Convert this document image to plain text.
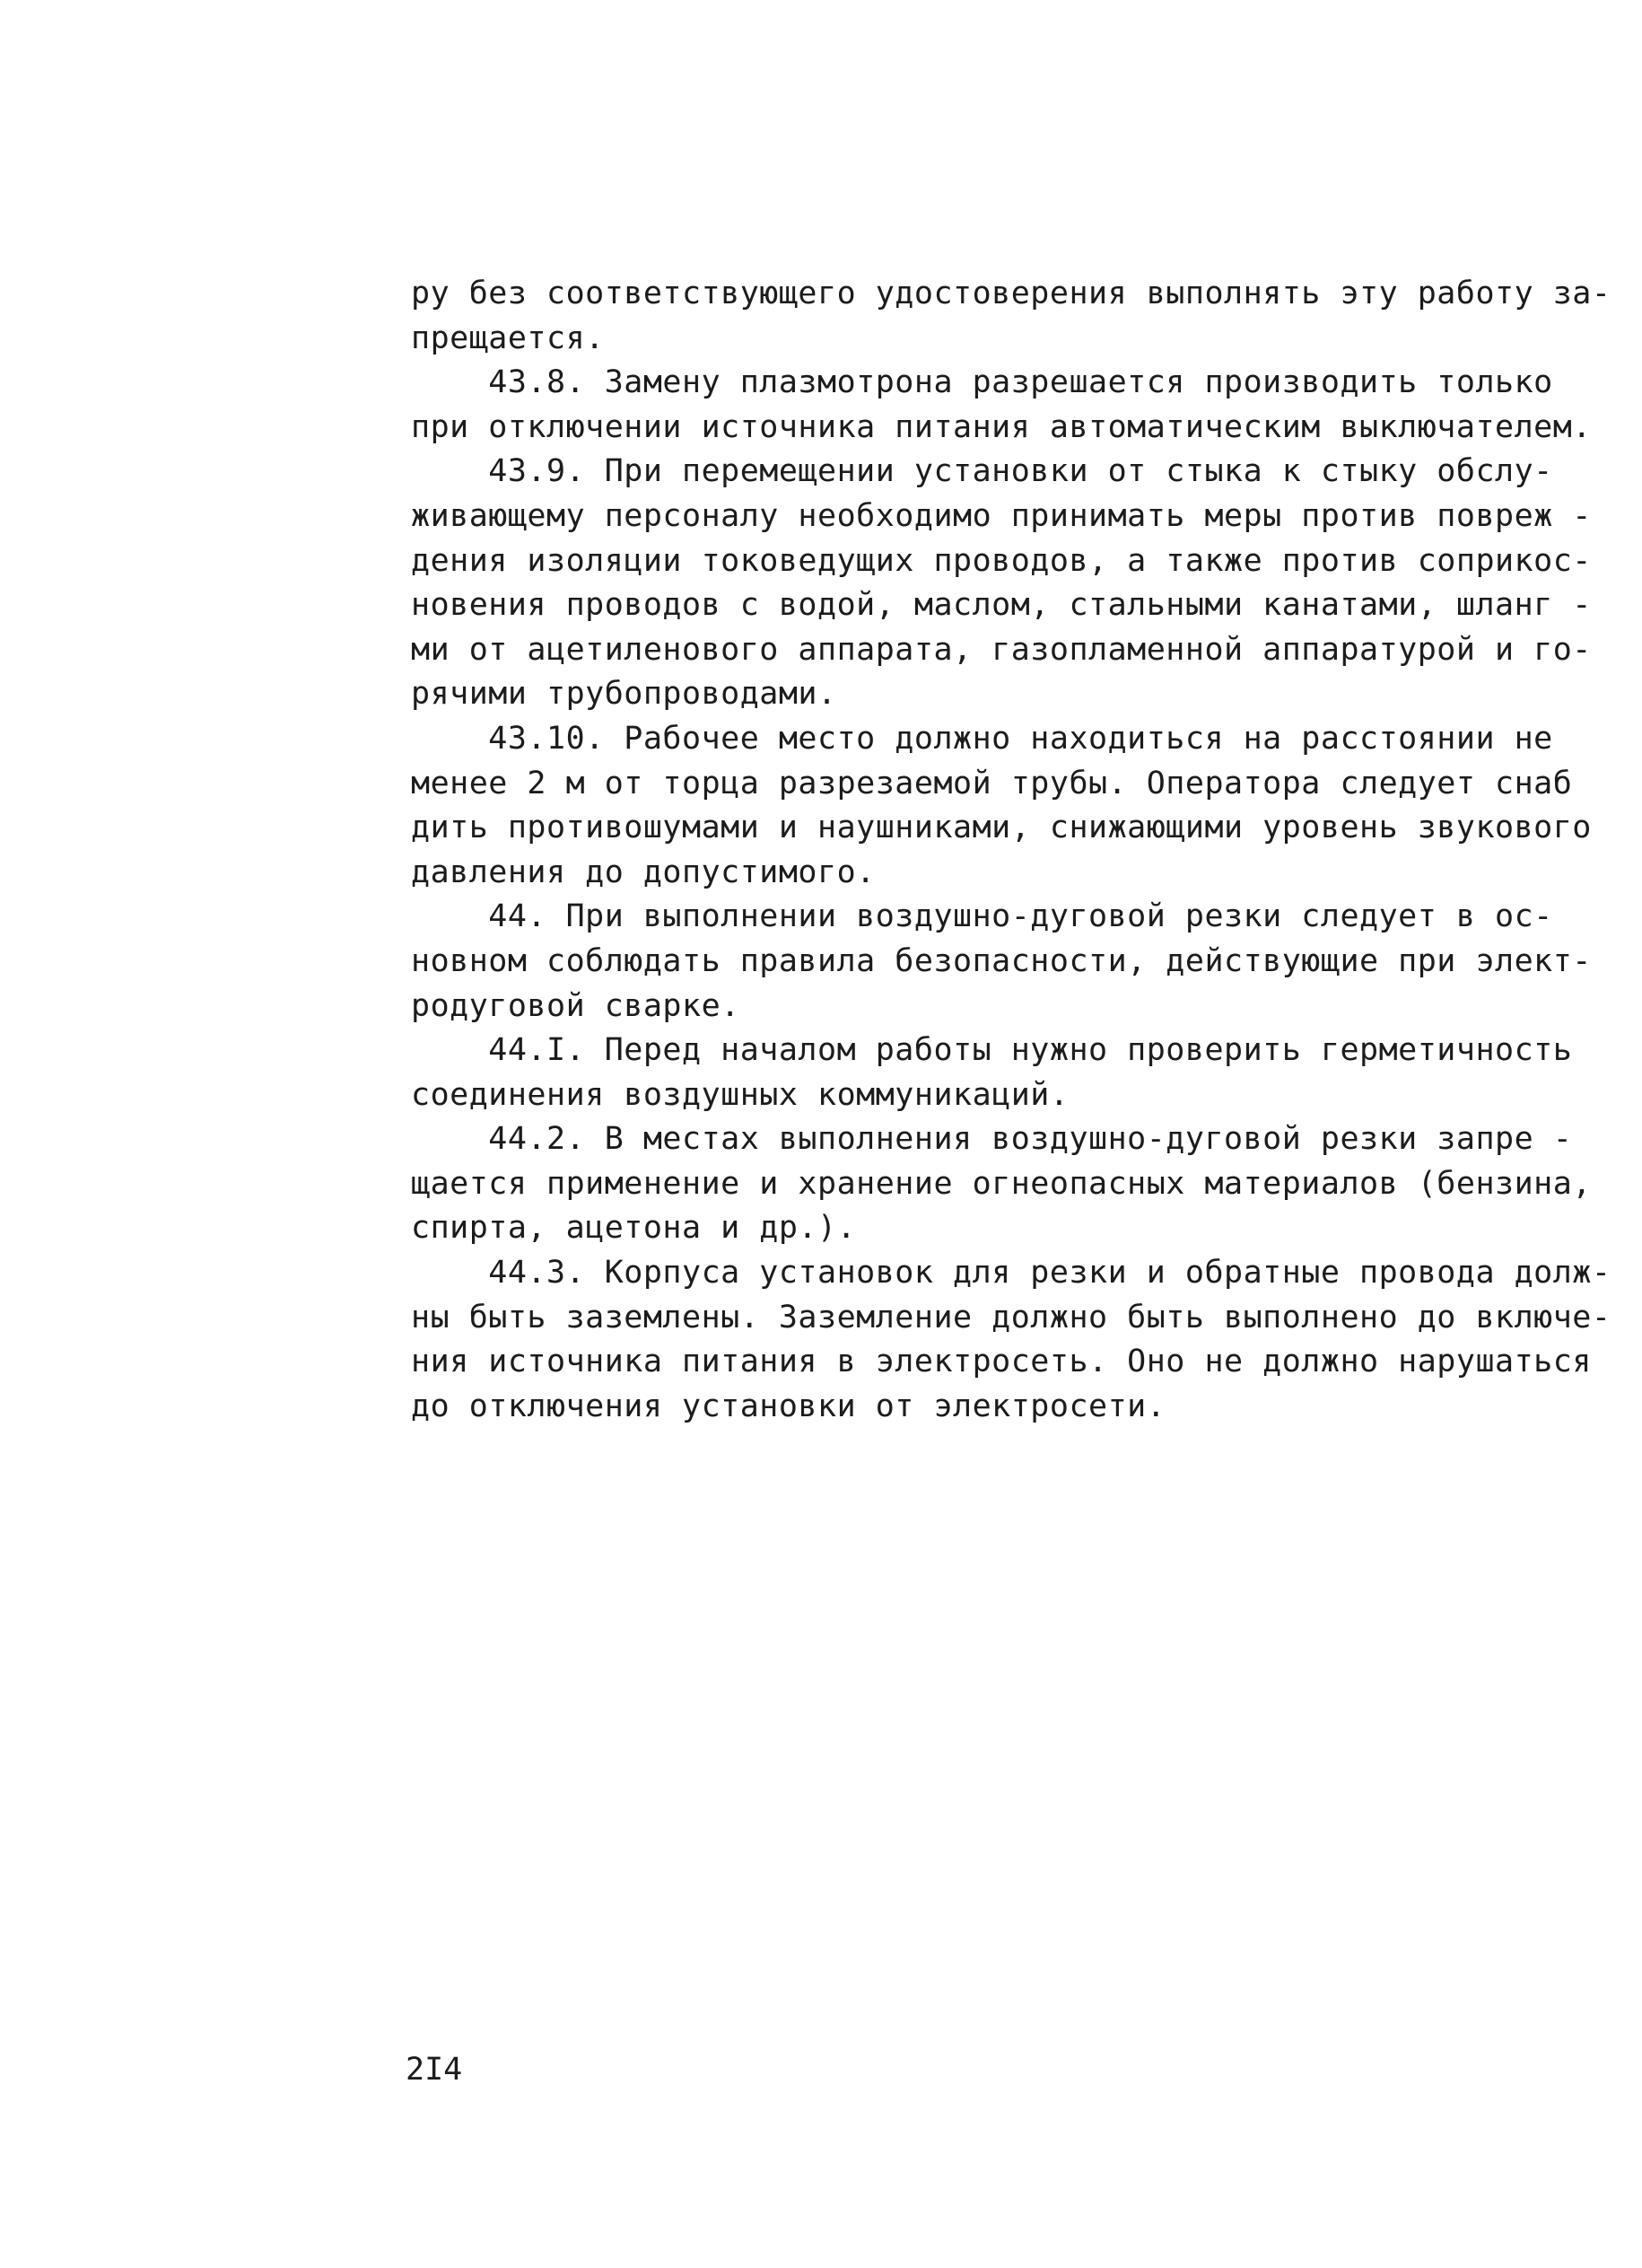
ру без соответствующего удостоверения выполнять эту работу за-
прещается.
43.8. Замену плазмотрона разрешается производить только
при отключении источника питания автоматическим выключателем.
43.9. При перемещении установки от стыка к стыку обслу-
живающему персоналу необходимо принимать меры против повреж -
дения изоляции токоведущих проводов, а также против соприкос-
новения проводов с водой, маслом, стальными канатами, шланг -
ми от ацетиленового аппарата, газопламенной аппаратурой и го-
рячими трубопроводами.
43.10. Рабочее место должно находиться на расстоянии не
менее 2 м от торца разрезаемой трубы. Оператора следует снаб
дить противошумами и наушниками, снижающими уровень звукового
давления до допустимого.
44. При выполнении воздушно-дуговой резки следует в ос-
новном соблюдать правила безопасности, действующие при элект-
родуговой сварке.
44.I. Перед началом работы нужно проверить герметичность
соединения воздушных коммуникаций.
44.2. В местах выполнения воздушно-дуговой резки запре -
щается применение и хранение огнеопасных материалов (бензина,
спирта, ацетона и др.).
44.3. Корпуса установок для резки и обратные провода долж-
ны быть заземлены. Заземление должно быть выполнено до включе-
ния источника питания в электросеть. Оно не должно нарушаться
до отключения установки от электросети.
2I4
